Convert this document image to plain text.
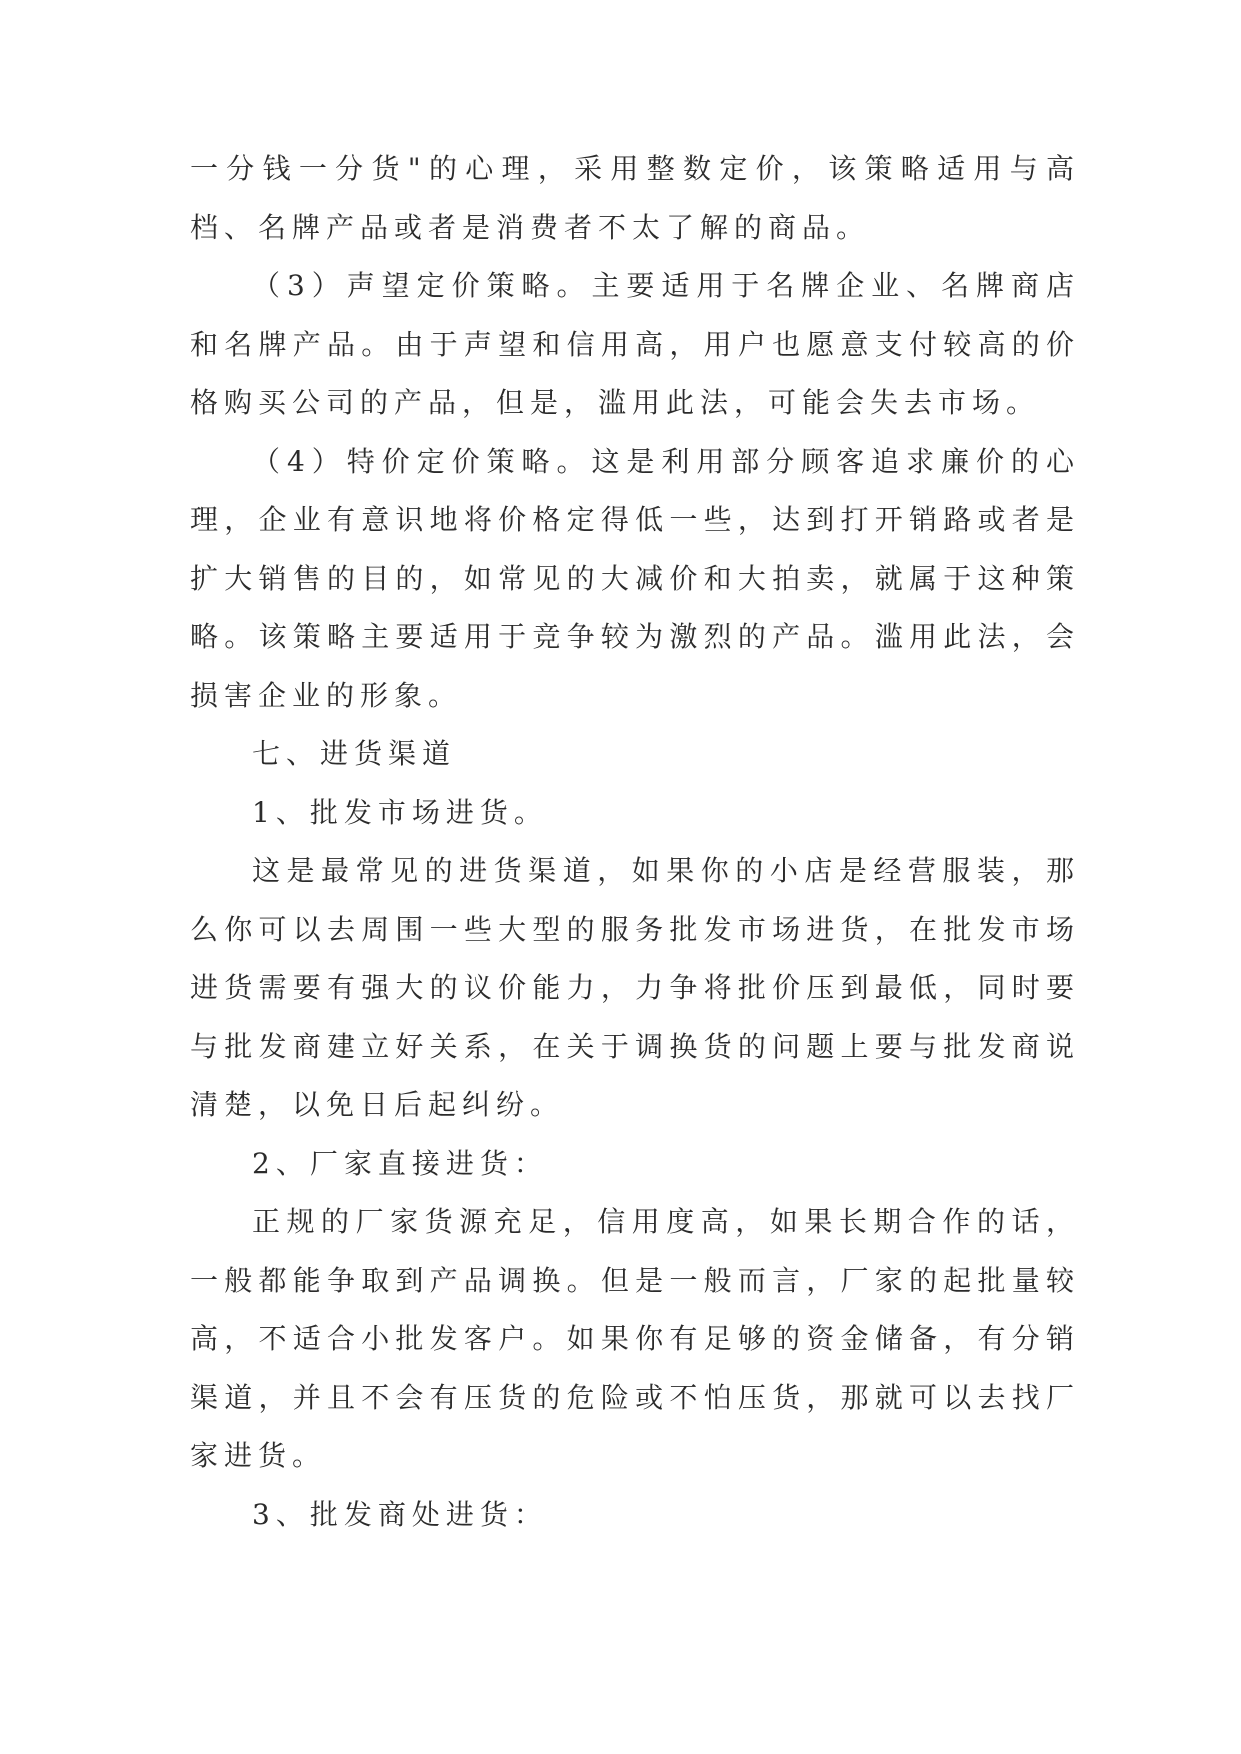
一分钱一分货"的心理，采用整数定价，该策略适用与高档、名牌产品或者是消费者不太了解的商品。

（3）声望定价策略。主要适用于名牌企业、名牌商店和名牌产品。由于声望和信用高，用户也愿意支付较高的价格购买公司的产品，但是，滥用此法，可能会失去市场。

（4）特价定价策略。这是利用部分顾客追求廉价的心理，企业有意识地将价格定得低一些，达到打开销路或者是扩大销售的目的，如常见的大减价和大拍卖，就属于这种策略。该策略主要适用于竞争较为激烈的产品。滥用此法，会损害企业的形象。

七、进货渠道

1、批发市场进货。

这是最常见的进货渠道，如果你的小店是经营服装，那么你可以去周围一些大型的服务批发市场进货，在批发市场进货需要有强大的议价能力，力争将批价压到最低，同时要与批发商建立好关系，在关于调换货的问题上要与批发商说清楚，以免日后起纠纷。

2、厂家直接进货：

正规的厂家货源充足，信用度高，如果长期合作的话，一般都能争取到产品调换。但是一般而言，厂家的起批量较高，不适合小批发客户。如果你有足够的资金储备，有分销渠道，并且不会有压货的危险或不怕压货，那就可以去找厂家进货。

3、批发商处进货：
